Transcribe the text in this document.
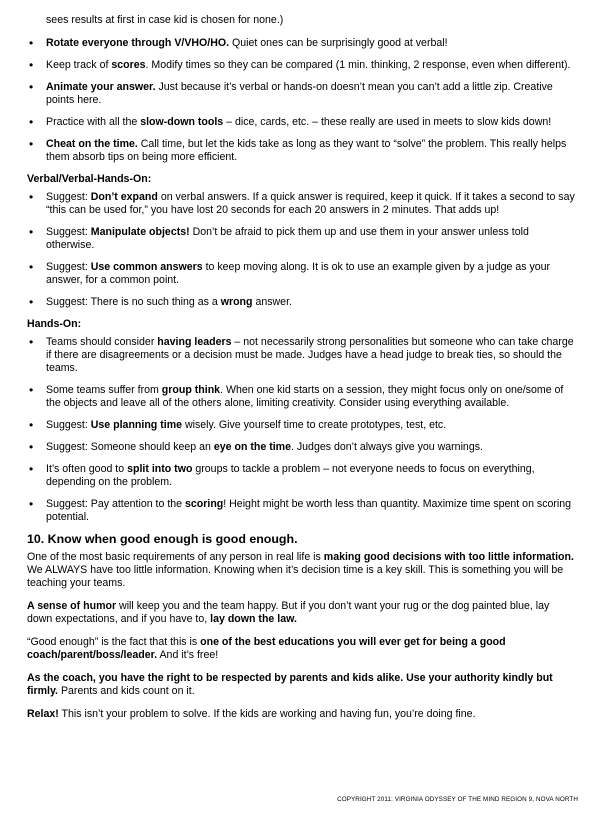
sees results at first in case kid is chosen for none.)

• Rotate everyone through V/VHO/HO. Quiet ones can be surprisingly good at verbal!
• Keep track of scores. Modify times so they can be compared (1 min. thinking, 2 response, even when different).
• Animate your answer. Just because it’s verbal or hands-on doesn’t mean you can’t add a little zip. Creative points here.
• Practice with all the slow-down tools – dice, cards, etc. – these really are used in meets to slow kids down!
• Cheat on the time. Call time, but let the kids take as long as they want to “solve” the problem. This really helps them absorb tips on being more efficient.
Verbal/Verbal-Hands-On:
• Suggest: Don’t expand on verbal answers. If a quick answer is required, keep it quick. If it takes a second to say “this can be used for,” you have lost 20 seconds for each 20 answers in 2 minutes. That adds up!
• Suggest: Manipulate objects! Don’t be afraid to pick them up and use them in your answer unless told otherwise.
• Suggest: Use common answers to keep moving along. It is ok to use an example given by a judge as your answer, for a common point.
• Suggest: There is no such thing as a wrong answer.
Hands-On:
• Teams should consider having leaders – not necessarily strong personalities but someone who can take charge if there are disagreements or a decision must be made. Judges have a head judge to break ties, so should the teams.
• Some teams suffer from group think. When one kid starts on a session, they might focus only on one/some of the objects and leave all of the others alone, limiting creativity. Consider using everything available.
• Suggest: Use planning time wisely. Give yourself time to create prototypes, test, etc.
• Suggest: Someone should keep an eye on the time. Judges don’t always give you warnings.
• It’s often good to split into two groups to tackle a problem – not everyone needs to focus on everything, depending on the problem.
• Suggest: Pay attention to the scoring! Height might be worth less than quantity. Maximize time spent on scoring potential.
10. Know when good enough is good enough.

One of the most basic requirements of any person in real life is making good decisions with too little information. We ALWAYS have too little information. Knowing when it’s decision time is a key skill. This is something you will be teaching your teams.

A sense of humor will keep you and the team happy. But if you don’t want your rug or the dog painted blue, lay down expectations, and if you have to, lay down the law.

“Good enough” is the fact that this is one of the best educations you will ever get for being a good coach/parent/boss/leader. And it’s free!

As the coach, you have the right to be respected by parents and kids alike. Use your authority kindly but firmly. Parents and kids count on it.

Relax! This isn’t your problem to solve. If the kids are working and having fun, you’re doing fine.

COPYRIGHT 2011: VIRGINIA ODYSSEY OF THE MIND REGION 9, NOVA NORTH
